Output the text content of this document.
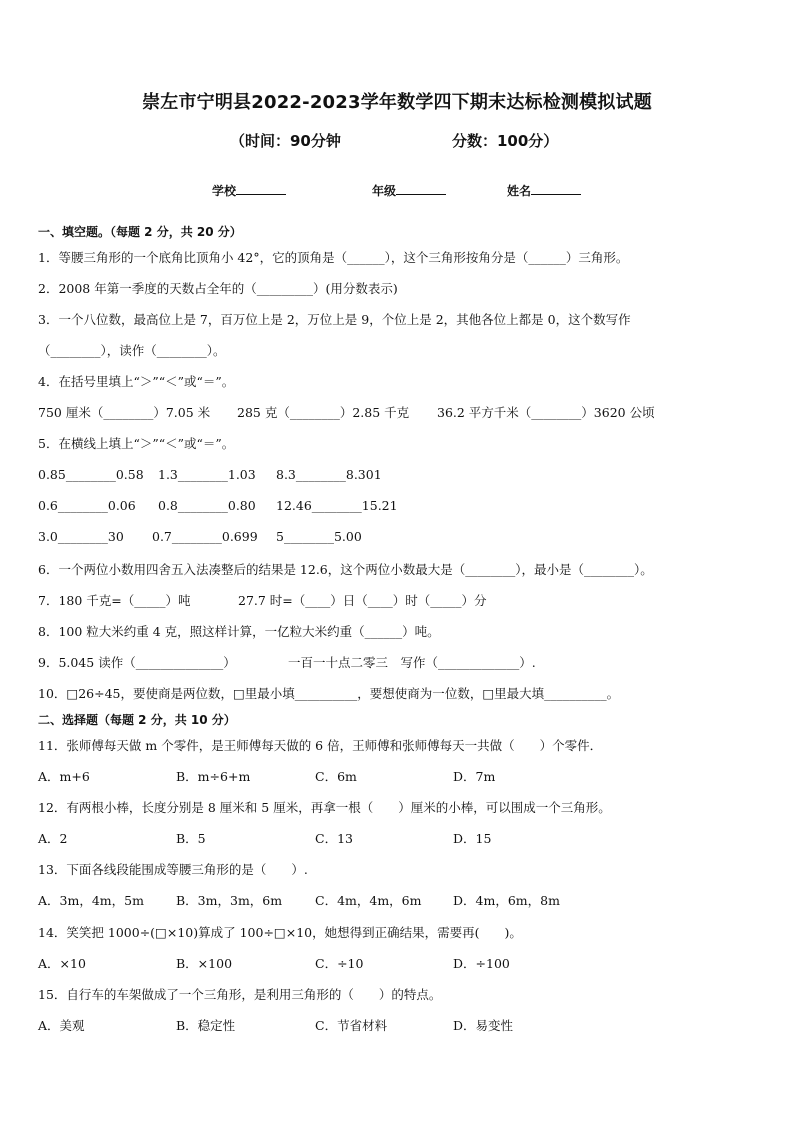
崇左市宁明县2022-2023学年数学四下期末达标检测模拟试题
（时间：90分钟	分数：100分）
学校	年级	姓名
一、填空题。（每题 2 分，共 20 分）
1．等腰三角形的一个底角比顶角小 42°，它的顶角是（______），这个三角形按角分是（______）三角形。
2．2008 年第一季度的天数占全年的（_________）(用分数表示)
3．一个八位数，最高位上是 7，百万位上是 2，万位上是 9，个位上是 2，其他各位上都是 0，这个数写作
（________），读作（________）。
4．在括号里填上“＞”“＜”或“＝”。
750 厘米（________）7.05 米 285 克（________）2.85 千克 36.2 平方千米（________）3620 公顷
5．在横线上填上“＞”“＜”或“＝”。
0.85________0.58 1.3________1.03 8.3________8.301
0.6________0.06 0.8________0.80 12.46________15.21
3.0________30 0.7________0.699 5________5.00
6．一个两位小数用四舍五入法凑整后的结果是 12.6，这个两位小数最大是（________），最小是（________）。
7．180 千克=（_____）吨	27.7 时=（____）日（____）时（_____）分
8．100 粒大米约重 4 克，照这样计算，一亿粒大米约重（______）吨。
9．5.045 读作（______________）	一百一十点二零三　写作（_____________）.
10．□26÷45，要使商是两位数，□里最小填__________，要想使商为一位数，□里最大填__________。
二、选择题（每题 2 分，共 10 分）
11．张师傅每天做 m 个零件，是王师傅每天做的 6 倍，王师傅和张师傅每天一共做（　　）个零件．
A．m+6	B．m÷6+m	C．6m	D．7m
12．有两根小棒，长度分别是 8 厘米和 5 厘米，再拿一根（　　）厘米的小棒，可以围成一个三角形。
A．2	B．5	C．13	D．15
13．下面各线段能围成等腰三角形的是（　　）.
A．3m，4m，5m	B．3m，3m，6m	C．4m，4m，6m	D．4m，6m，8m
14．笑笑把 1000÷(□×10)算成了 100÷□×10，她想得到正确结果，需要再(　　)。
A．×10	B．×100	C．÷10	D．÷100
15．自行车的车架做成了一个三角形，是利用三角形的（　　）的特点。
A．美观	B．稳定性	C．节省材料	D．易变性
